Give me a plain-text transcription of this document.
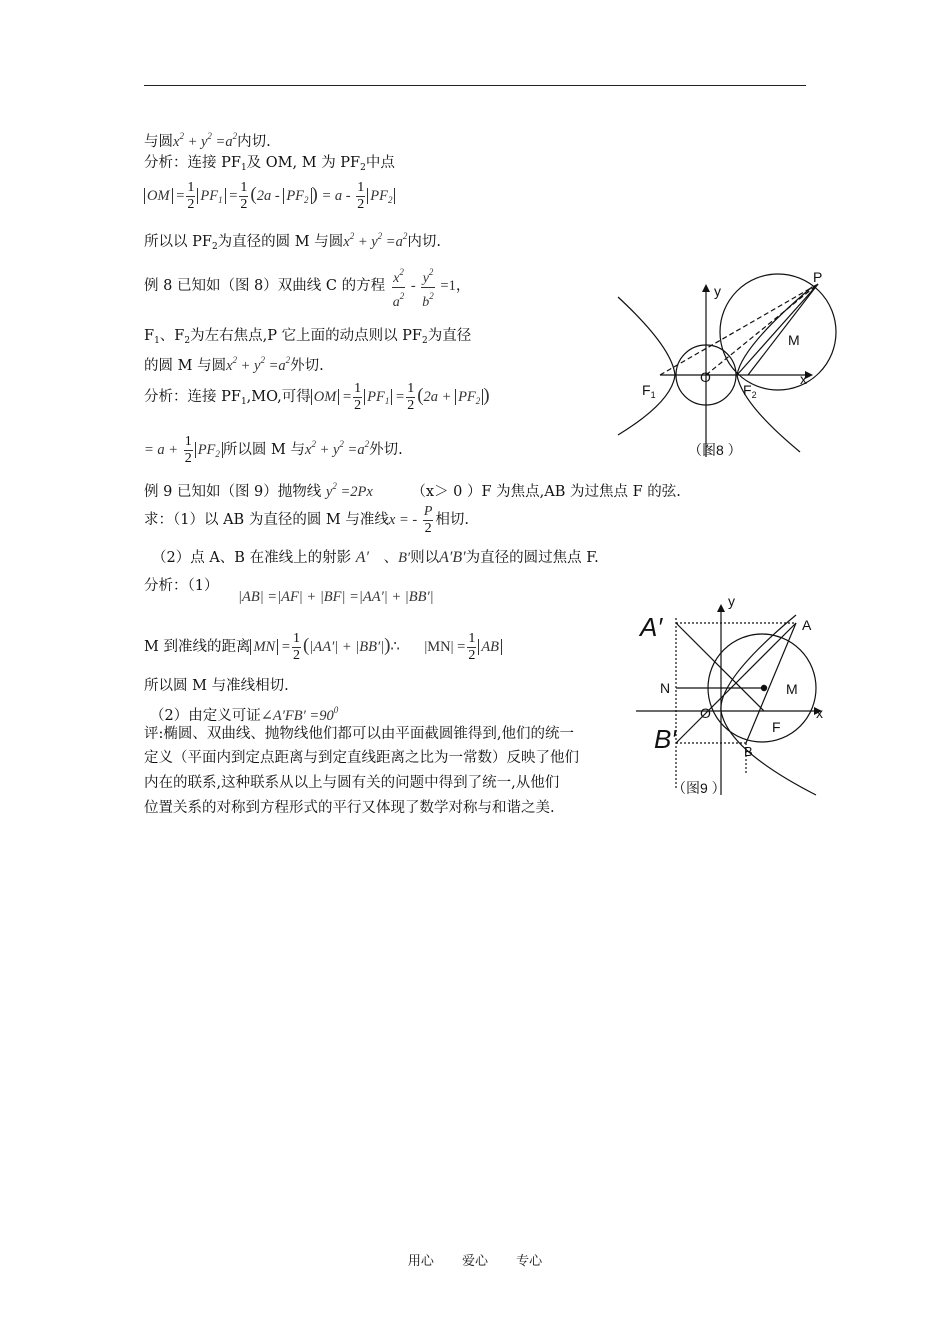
与圆$x^2 + y^2 =a^2$内切.
分析：连接 $PF_1$及 OM, M 为 $PF_2$中点
OM = $\frac{1}{2} PF_1 = \frac{1}{2} (2a - PF_2$ ) = a - $\frac{1}{2} PF_2$
所以以 $PF_2$为直径的圆 M 与圆$x^2 + y^2 =a^2$内切.
例 8 已知如（图 8）双曲线 C 的方程 $\frac{x^2}{a^2} - \frac{y^2}{b^2} =1$，
$F_1$、$F_2$为左右焦点,P 它上面的动点则以 $PF_2$为直径
的圆 M 与圆$x^2 + y^2 =a^2$外切.
分析：连接 $PF_1,MO$,可得 OM = $\frac{1}{2} PF_1 = \frac{1}{2} (2a + PF_2$ )
= $a + \frac{1}{2} PF_2$ 所以圆 M 与$x^2 + y^2 =a^2$外切.
例 9 已知如（图 9）抛物线 $y^2 =2Px$	（x＞ 0 ）F 为焦点,AB 为过焦点 F 的弦.
求：（1）以 AB 为直径的圆 M 与准线x = - $\frac{P}{2}$ 相切.
（2）点 A、B 在准线上的射影 A′ 、B′则以A′B′为直径的圆过焦点 F.
分析：（1）
|AB| =|AF| + |BF| =|AA′| + |BB′|
M 到准线的距离 MN = $\frac{1}{2} (|AA'|$ + |BB′|)∴ $|MN| = \frac{1}{2}$ AB
所以圆 M 与准线相切.
（2）由定义可证∠A′FB′ $=90^0$
评:椭圆、双曲线、抛物线他们都可以由平面截圆锥得到,他们的统一
定义（平面内到定点距离与到定直线距离之比为一常数）反映了他们
内在的联系,这种联系从以上与圆有关的问题中得到了统一,从他们
位置关系的对称到方程形式的平行又体现了数学对称与和谐之美.
P
y
M
O	x
$F_1$	$F_2$
（图8 ）
y
A′	A
N	M
O	x
F
B′	B
（图9 ）
用心 爱心 专心
